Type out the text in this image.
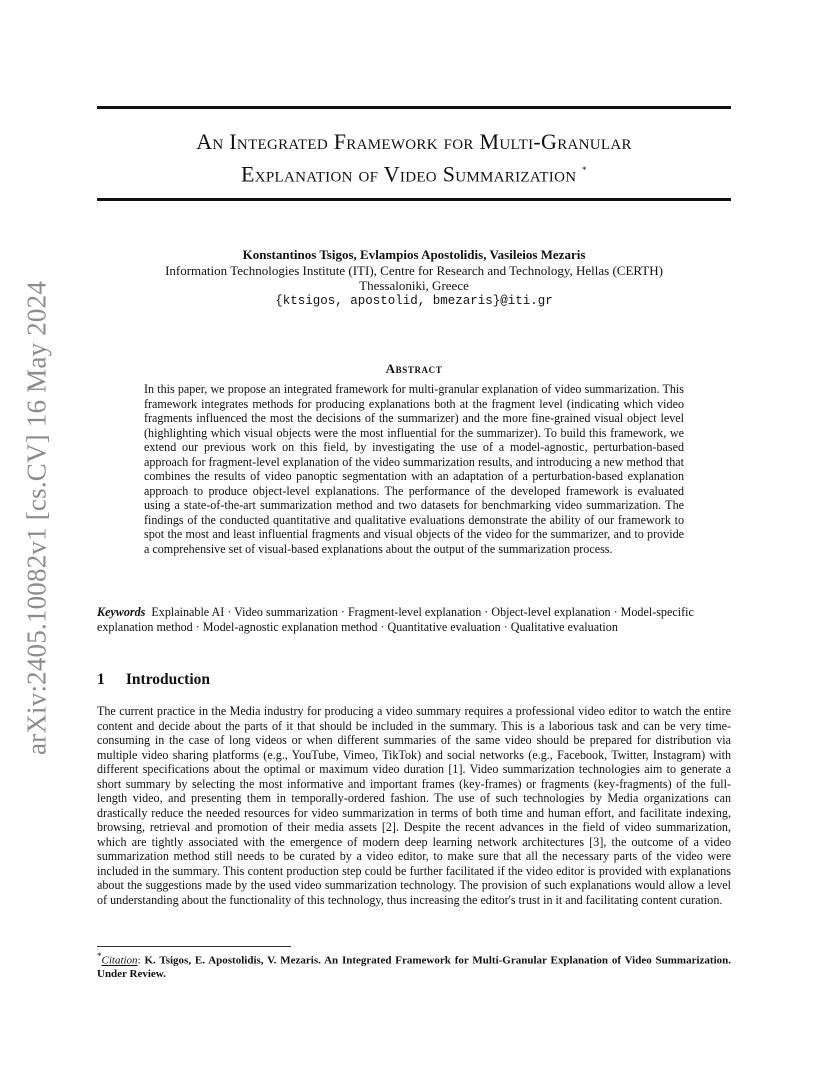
arXiv:2405.10082v1 [cs.CV] 16 May 2024
An Integrated Framework for Multi-Granular
Explanation of Video Summarization *
Konstantinos Tsigos, Evlampios Apostolidis, Vasileios Mezaris
Information Technologies Institute (ITI), Centre for Research and Technology, Hellas (CERTH)
Thessaloniki, Greece
{ktsigos, apostolid, bmezaris}@iti.gr
Abstract
In this paper, we propose an integrated framework for multi-granular explanation of video summarization. This framework integrates methods for producing explanations both at the fragment level (indicating which video fragments influenced the most the decisions of the summarizer) and the more fine-grained visual object level (highlighting which visual objects were the most influential for the summarizer). To build this framework, we extend our previous work on this field, by investigating the use of a model-agnostic, perturbation-based approach for fragment-level explanation of the video summarization results, and introducing a new method that combines the results of video panoptic segmentation with an adaptation of a perturbation-based explanation approach to produce object-level explanations. The performance of the developed framework is evaluated using a state-of-the-art summarization method and two datasets for benchmarking video summarization. The findings of the conducted quantitative and qualitative evaluations demonstrate the ability of our framework to spot the most and least influential fragments and visual objects of the video for the summarizer, and to provide a comprehensive set of visual-based explanations about the output of the summarization process.
Keywords Explainable AI · Video summarization · Fragment-level explanation · Object-level explanation · Model-specific explanation method · Model-agnostic explanation method · Quantitative evaluation · Qualitative evaluation
1 Introduction
The current practice in the Media industry for producing a video summary requires a professional video editor to watch the entire content and decide about the parts of it that should be included in the summary. This is a laborious task and can be very time-consuming in the case of long videos or when different summaries of the same video should be prepared for distribution via multiple video sharing platforms (e.g., YouTube, Vimeo, TikTok) and social networks (e.g., Facebook, Twitter, Instagram) with different specifications about the optimal or maximum video duration [1]. Video summarization technologies aim to generate a short summary by selecting the most informative and important frames (key-frames) or fragments (key-fragments) of the full-length video, and presenting them in temporally-ordered fashion. The use of such technologies by Media organizations can drastically reduce the needed resources for video summarization in terms of both time and human effort, and facilitate indexing, browsing, retrieval and promotion of their media assets [2]. Despite the recent advances in the field of video summarization, which are tightly associated with the emergence of modern deep learning network architectures [3], the outcome of a video summarization method still needs to be curated by a video editor, to make sure that all the necessary parts of the video were included in the summary. This content production step could be further facilitated if the video editor is provided with explanations about the suggestions made by the used video summarization technology. The provision of such explanations would allow a level of understanding about the functionality of this technology, thus increasing the editor's trust in it and facilitating content curation.
*Citation: K. Tsigos, E. Apostolidis, V. Mezaris. An Integrated Framework for Multi-Granular Explanation of Video Summarization. Under Review.
